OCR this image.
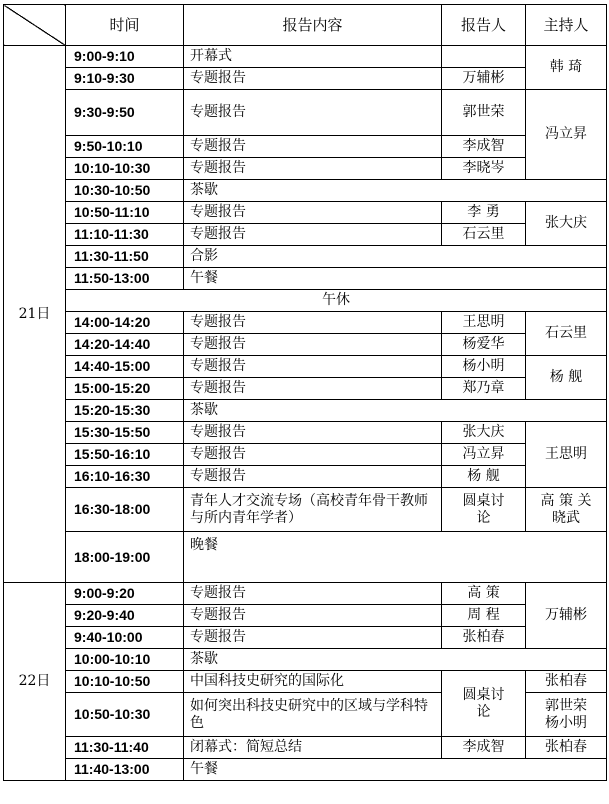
	时间	报告内容	报告人	主持人
21日	9:00-9:10	开幕式		韩 琦
	9:10-9:30	专题报告	万辅彬	
	9:30-9:50	专题报告	郭世荣	冯立昇
	9:50-10:10	专题报告	李成智	
	10:10-10:30	专题报告	李晓岑	
	10:30-10:50	茶歇		
	10:50-11:10	专题报告	李 勇	张大庆
	11:10-11:30	专题报告	石云里	
	11:30-11:50	合影		
	11:50-13:00	午餐		
	午休			
	14:00-14:20	专题报告	王思明	石云里
	14:20-14:40	专题报告	杨爱华	
	14:40-15:00	专题报告	杨小明	杨 舰
	15:00-15:20	专题报告	郑乃章	
	15:20-15:30	茶歇		
	15:30-15:50	专题报告	张大庆	王思明
	15:50-16:10	专题报告	冯立昇	
	16:10-16:30	专题报告	杨 舰	
	16:30-18:00	青年人才交流专场（高校青年骨干教师与所内青年学者）	圆桌讨论	高 策 关晓武
	18:00-19:00	晚餐		
22日	9:00-9:20	专题报告	高 策	万辅彬
	9:20-9:40	专题报告	周 程	
	9:40-10:00	专题报告	张柏春	
	10:00-10:10	茶歇		
	10:10-10:50	中国科技史研究的国际化	圆桌讨论	张柏春
	10:50-10:30	如何突出科技史研究中的区域与学科特色		郭世荣 杨小明
	11:30-11:40	闭幕式：简短总结	李成智	张柏春
	11:40-13:00	午餐		
